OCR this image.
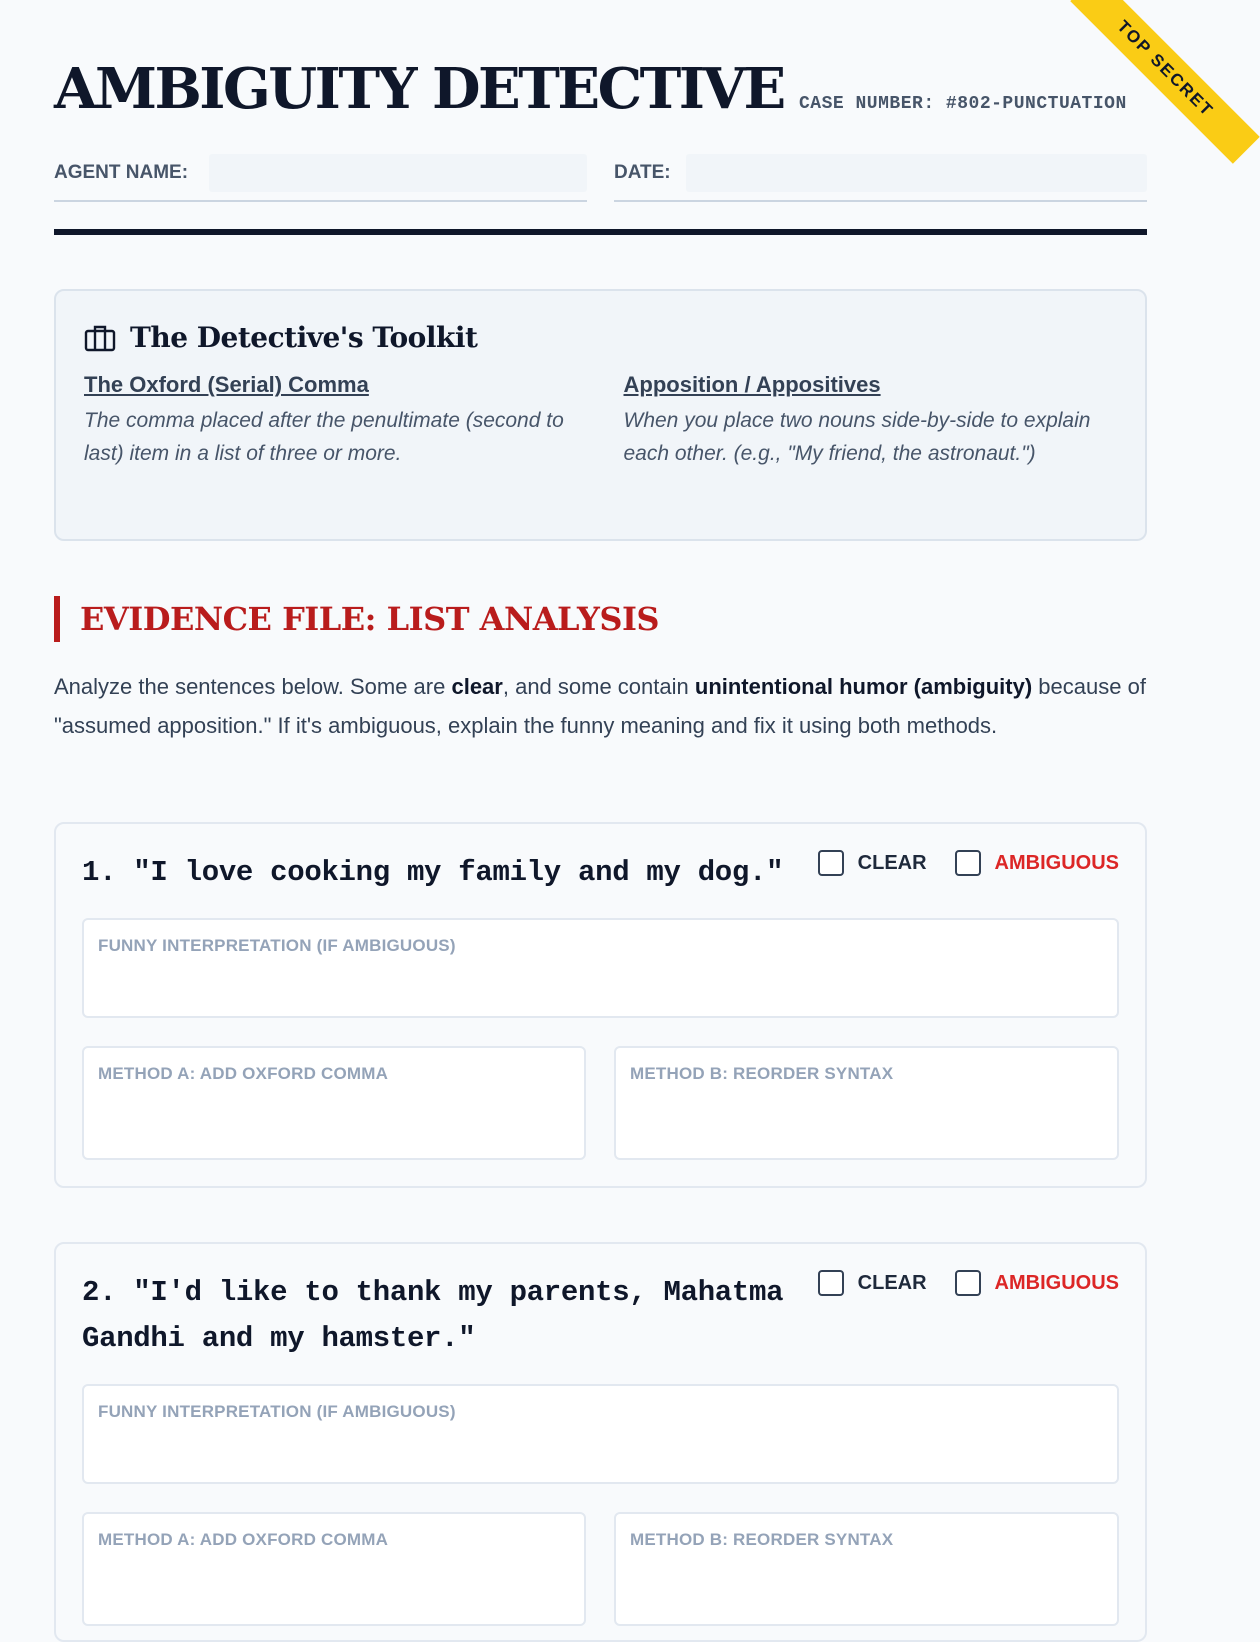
TOP SECRET
AMBIGUITY DETECTIVE CASE NUMBER: #802-PUNCTUATION
AGENT NAME:	DATE:
The Detective's Toolkit
The Oxford (Serial) Comma
The comma placed after the penultimate (second to last) item in a list of three or more.
Apposition / Appositives
When you place two nouns side-by-side to explain each other. (e.g., "My friend, the astronaut.")
EVIDENCE FILE: LIST ANALYSIS

Analyze the sentences below. Some are clear, and some contain unintentional humor (ambiguity) because of "assumed apposition." If it's ambiguous, explain the funny meaning and fix it using both methods.

1. "I love cooking my family and my dog."	CLEAR	AMBIGUOUS
FUNNY INTERPRETATION (IF AMBIGUOUS)
METHOD A: ADD OXFORD COMMA	METHOD B: REORDER SYNTAX
2. "I'd like to thank my parents, Mahatma Gandhi and my hamster."
CLEAR	AMBIGUOUS
FUNNY INTERPRETATION (IF AMBIGUOUS)
METHOD A: ADD OXFORD COMMA	METHOD B: REORDER SYNTAX
